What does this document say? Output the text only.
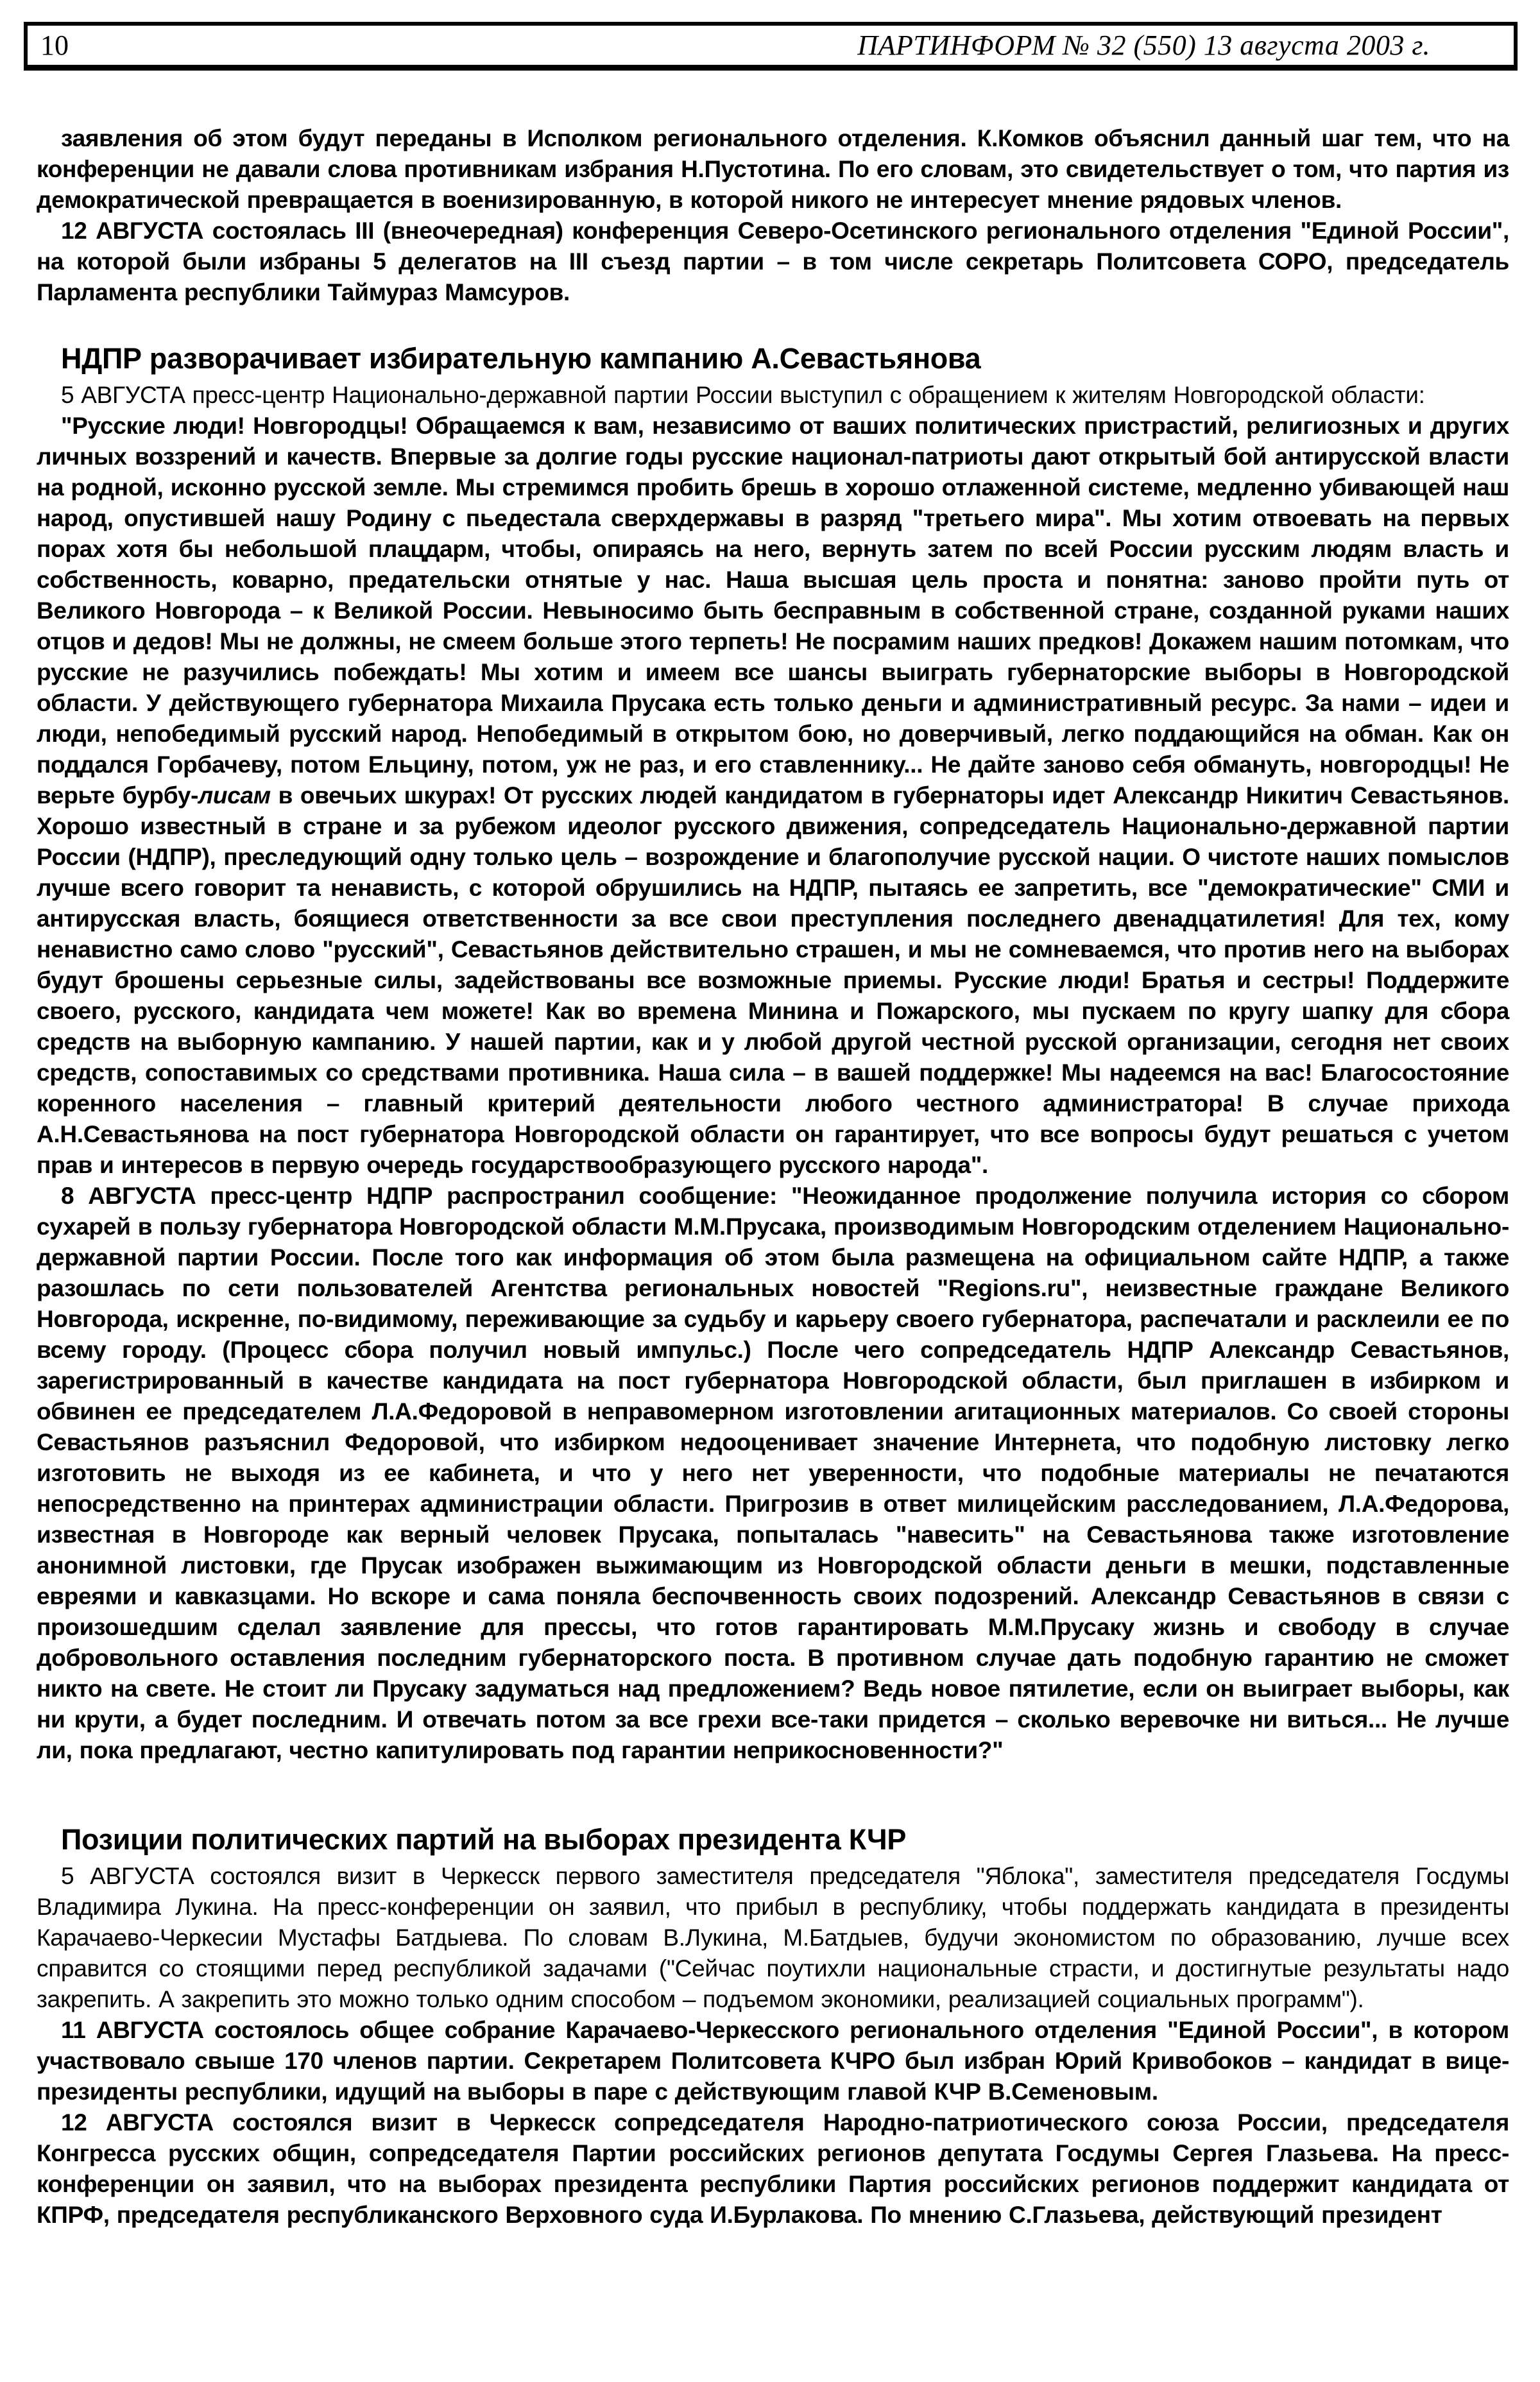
10	ПАРТИНФОРМ № 32 (550) 13 августа 2003 г.

заявления об этом будут переданы в Исполком регионального отделения. К.Комков объяснил данный шаг тем, что на конференции не давали слова противникам избрания Н.Пустотина. По его словам, это свидетельствует о том, что партия из демократической превращается в военизированную, в которой никого не интересует мнение рядовых членов.

12 АВГУСТА состоялась III (внеочередная) конференция Северо-Осетинского регионального отделения "Единой России", на которой были избраны 5 делегатов на III съезд партии – в том числе секретарь Политсовета СОРО, председатель Парламента республики Таймураз Мамсуров.

НДПР разворачивает избирательную кампанию А.Севастьянова

5 АВГУСТА пресс-центр Национально-державной партии России выступил с обращением к жителям Новгородской области:

"Русские люди! Новгородцы! Обращаемся к вам, независимо от ваших политических пристрастий, религиозных и других личных воззрений и качеств. Впервые за долгие годы русские национал-патриоты дают открытый бой антирусской власти на родной, исконно русской земле. Мы стремимся пробить брешь в хорошо отлаженной системе, медленно убивающей наш народ, опустившей нашу Родину с пьедестала сверхдержавы в разряд "третьего мира". Мы хотим отвоевать на первых порах хотя бы небольшой плацдарм, чтобы, опираясь на него, вернуть затем по всей России русским людям власть и собственность, коварно, предательски отнятые у нас. Наша высшая цель проста и понятна: заново пройти путь от Великого Новгорода – к Великой России. Невыносимо быть бесправным в собственной стране, созданной руками наших отцов и дедов! Мы не должны, не смеем больше этого терпеть! Не посрамим наших предков! Докажем нашим потомкам, что русские не разучились побеждать! Мы хотим и имеем все шансы выиграть губернаторские выборы в Новгородской области. У действующего губернатора Михаила Прусака есть только деньги и административный ресурс. За нами – идеи и люди, непобедимый русский народ. Непобедимый в открытом бою, но доверчивый, легко поддающийся на обман. Как он поддался Горбачеву, потом Ельцину, потом, уж не раз, и его ставленнику... Не дайте заново себя обмануть, новгородцы! Не верьте бурбу-лисам в овечьих шкурах! От русских людей кандидатом в губернаторы идет Александр Никитич Севастьянов. Хорошо известный в стране и за рубежом идеолог русского движения, сопредседатель Национально-державной партии России (НДПР), преследующий одну только цель – возрождение и благополучие русской нации. О чистоте наших помыслов лучше всего говорит та ненависть, с которой обрушились на НДПР, пытаясь ее запретить, все "демократические" СМИ и антирусская власть, боящиеся ответственности за все свои преступления последнего двенадцатилетия! Для тех, кому ненавистно само слово "русский", Севастьянов действительно страшен, и мы не сомневаемся, что против него на выборах будут брошены серьезные силы, задействованы все возможные приемы. Русские люди! Братья и сестры! Поддержите своего, русского, кандидата чем можете! Как во времена Минина и Пожарского, мы пускаем по кругу шапку для сбора средств на выборную кампанию. У нашей партии, как и у любой другой честной русской организации, сегодня нет своих средств, сопоставимых со средствами противника. Наша сила – в вашей поддержке! Мы надеемся на вас! Благосостояние коренного населения – главный критерий деятельности любого честного администратора! В случае прихода А.Н.Севастьянова на пост губернатора Новгородской области он гарантирует, что все вопросы будут решаться с учетом прав и интересов в первую очередь государствообразующего русского народа".

8 АВГУСТА пресс-центр НДПР распространил сообщение: "Неожиданное продолжение получила история со сбором сухарей в пользу губернатора Новгородской области М.М.Прусака, производимым Новгородским отделением Национально-державной партии России. После того как информация об этом была размещена на официальном сайте НДПР, а также разошлась по сети пользователей Агентства региональных новостей "Regions.ru", неизвестные граждане Великого Новгорода, искренне, по-видимому, переживающие за судьбу и карьеру своего губернатора, распечатали и расклеили ее по всему городу. (Процесс сбора получил новый импульс.) После чего сопредседатель НДПР Александр Севастьянов, зарегистрированный в качестве кандидата на пост губернатора Новгородской области, был приглашен в избирком и обвинен ее председателем Л.А.Федоровой в неправомерном изготовлении агитационных материалов. Со своей стороны Севастьянов разъяснил Федоровой, что избирком недооценивает значение Интернета, что подобную листовку легко изготовить не выходя из ее кабинета, и что у него нет уверенности, что подобные материалы не печатаются непосредственно на принтерах администрации области. Пригрозив в ответ милицейским расследованием, Л.А.Федорова, известная в Новгороде как верный человек Прусака, попыталась "навесить" на Севастьянова также изготовление анонимной листовки, где Прусак изображен выжимающим из Новгородской области деньги в мешки, подставленные евреями и кавказцами. Но вскоре и сама поняла беспочвенность своих подозрений. Александр Севастьянов в связи с произошедшим сделал заявление для прессы, что готов гарантировать М.М.Прусаку жизнь и свободу в случае добровольного оставления последним губернаторского поста. В противном случае дать подобную гарантию не сможет никто на свете. Не стоит ли Прусаку задуматься над предложением? Ведь новое пятилетие, если он выиграет выборы, как ни крути, а будет последним. И отвечать потом за все грехи все-таки придется – сколько веревочке ни виться... Не лучше ли, пока предлагают, честно капитулировать под гарантии неприкосновенности?"

Позиции политических партий на выборах президента КЧР

5 АВГУСТА состоялся визит в Черкесск первого заместителя председателя "Яблока", заместителя председателя Госдумы Владимира Лукина. На пресс-конференции он заявил, что прибыл в республику, чтобы поддержать кандидата в президенты Карачаево-Черкесии Мустафы Батдыева. По словам В.Лукина, М.Батдыев, будучи экономистом по образованию, лучше всех справится со стоящими перед республикой задачами ("Сейчас поутихли национальные страсти, и достигнутые результаты надо закрепить. А закрепить это можно только одним способом – подъемом экономики, реализацией социальных программ").

11 АВГУСТА состоялось общее собрание Карачаево-Черкесского регионального отделения "Единой России", в котором участвовало свыше 170 членов партии. Секретарем Политсовета КЧРО был избран Юрий Кривобоков – кандидат в вице-президенты республики, идущий на выборы в паре с действующим главой КЧР В.Семеновым.

12 АВГУСТА состоялся визит в Черкесск сопредседателя Народно-патриотического союза России, председателя Конгресса русских общин, сопредседателя Партии российских регионов депутата Госдумы Сергея Глазьева. На пресс-конференции он заявил, что на выборах президента республики Партия российских регионов поддержит кандидата от КПРФ, председателя республиканского Верховного суда И.Бурлакова. По мнению С.Глазьева, действующий президент
